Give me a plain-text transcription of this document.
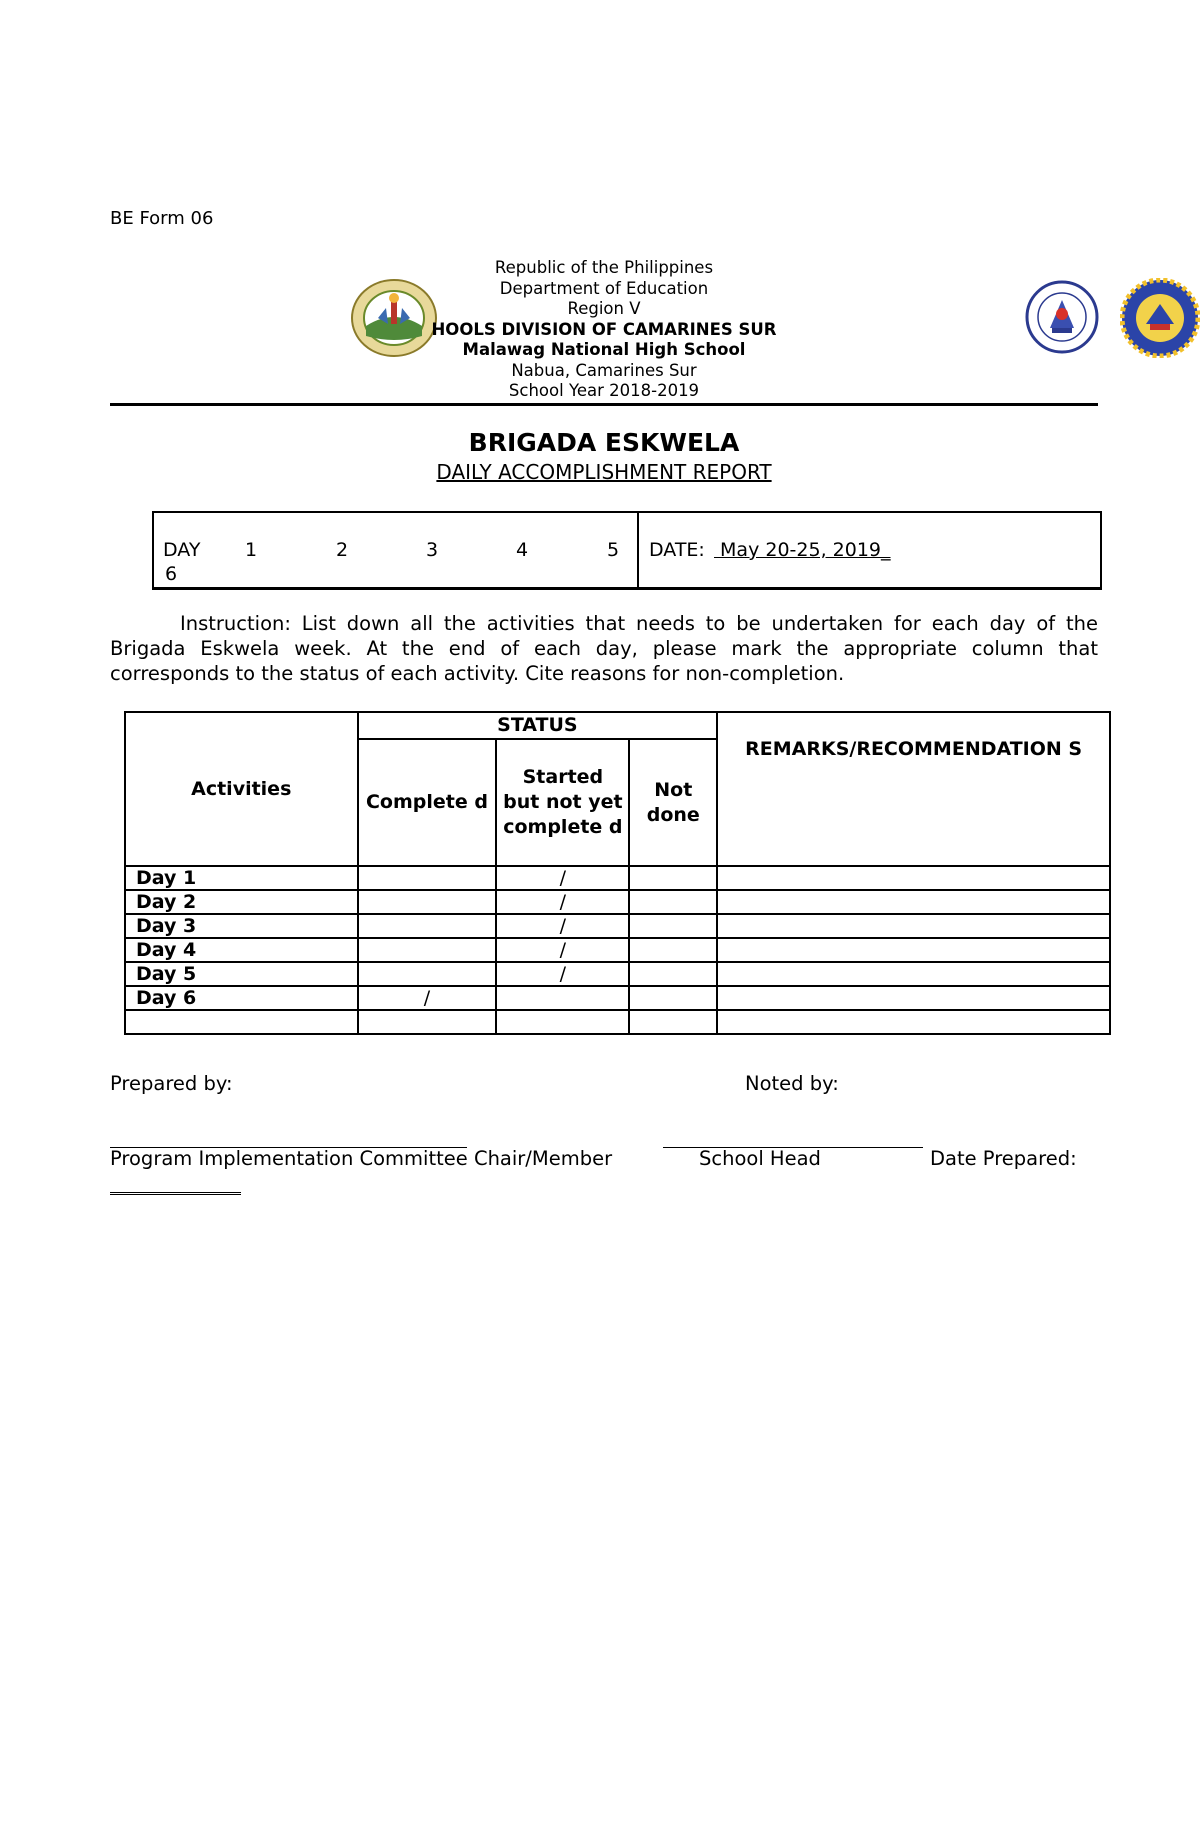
BE Form 06
Republic of the Philippines
Department of Education
Region V
HOOLS DIVISION OF CAMARINES SUR
Malawag National High School
Nabua, Camarines Sur
School Year 2018-2019
BRIGADA ESKWELA
DAILY ACCOMPLISHMENT REPORT
DAY 1	2	3	4	5
6
DATE: May 20-25, 2019_
Instruction: List down all the activities that needs to be undertaken for each day of the Brigada Eskwela week. At the end of each day, please mark the appropriate column that corresponds to the status of each activity. Cite reasons for non-completion.
Activities	STATUS			REMARKS/RECOMMENDATION S
	Complete d	Started but not yet complete d	Not done	
Day 1		/		
Day 2		/		
Day 3		/		
Day 4		/		
Day 5		/		
Day 6	/			

Prepared by:	Noted by:
Program Implementation Committee Chair/Member	School Head	Date Prepared:
